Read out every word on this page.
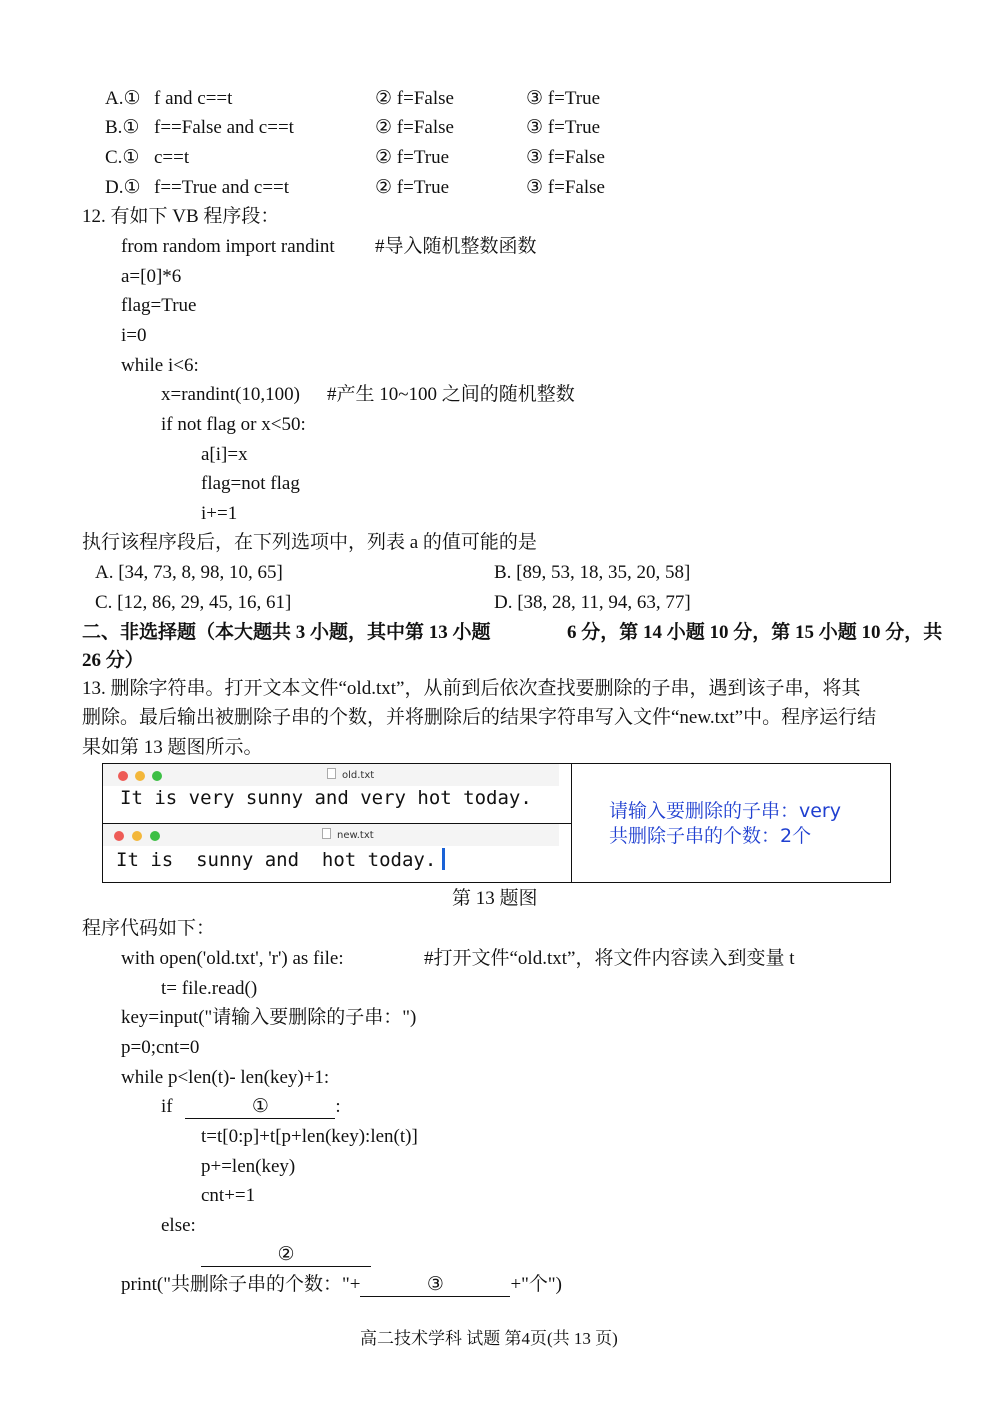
A.① f and c==t	② f=False	③ f=True
B.① f==False and c==t	② f=False	③ f=True
C.① c==t	② f=True	③ f=False
D.① f==True and c==t	② f=True	③ f=False
12. 有如下 VB 程序段：
from random import randint #导入随机整数函数
a=[0]*6
flag=True
i=0
while i<6:
x=randint(10,100) #产生 10~100 之间的随机整数
if not flag or x<50:
a[i]=x
flag=not flag
i+=1
执行该程序段后，在下列选项中，列表 a 的值可能的是
A. [34, 73, 8, 98, 10, 65]	B. [89, 53, 18, 35, 20, 58]
C. [12, 86, 29, 45, 16, 61]	D. [38, 28, 11, 94, 63, 77]
二、非选择题（本大题共 3 小题，其中第 13 小题	6 分，第 14 小题 10 分，第 15 小题 10 分，共
26 分）
13. 删除字符串。打开文本文件“old.txt”，从前到后依次查找要删除的子串，遇到该子串，将其
删除。最后输出被删除子串的个数，并将删除后的结果字符串写入文件“new.txt”中。程序运行结
果如第 13 题图所示。
old.txt
It is very sunny and very hot today.
new.txt
It is  sunny and  hot today.
请输入要删除的子串：very
共删除子串的个数：2个
第 13 题图
程序代码如下：
with open('old.txt', 'r') as file:	#打开文件“old.txt”，将文件内容读入到变量 t
t= file.read()
key=input("请输入要删除的子串：")
p=0;cnt=0
while p<len(t)- len(key)+1:
if	①	:
t=t[0:p]+t[p+len(key):len(t)]
p+=len(key)
cnt+=1
else:
②
print("共删除子串的个数："+	③	+"个")
高二技术学科 试题 第4页(共 13 页)
